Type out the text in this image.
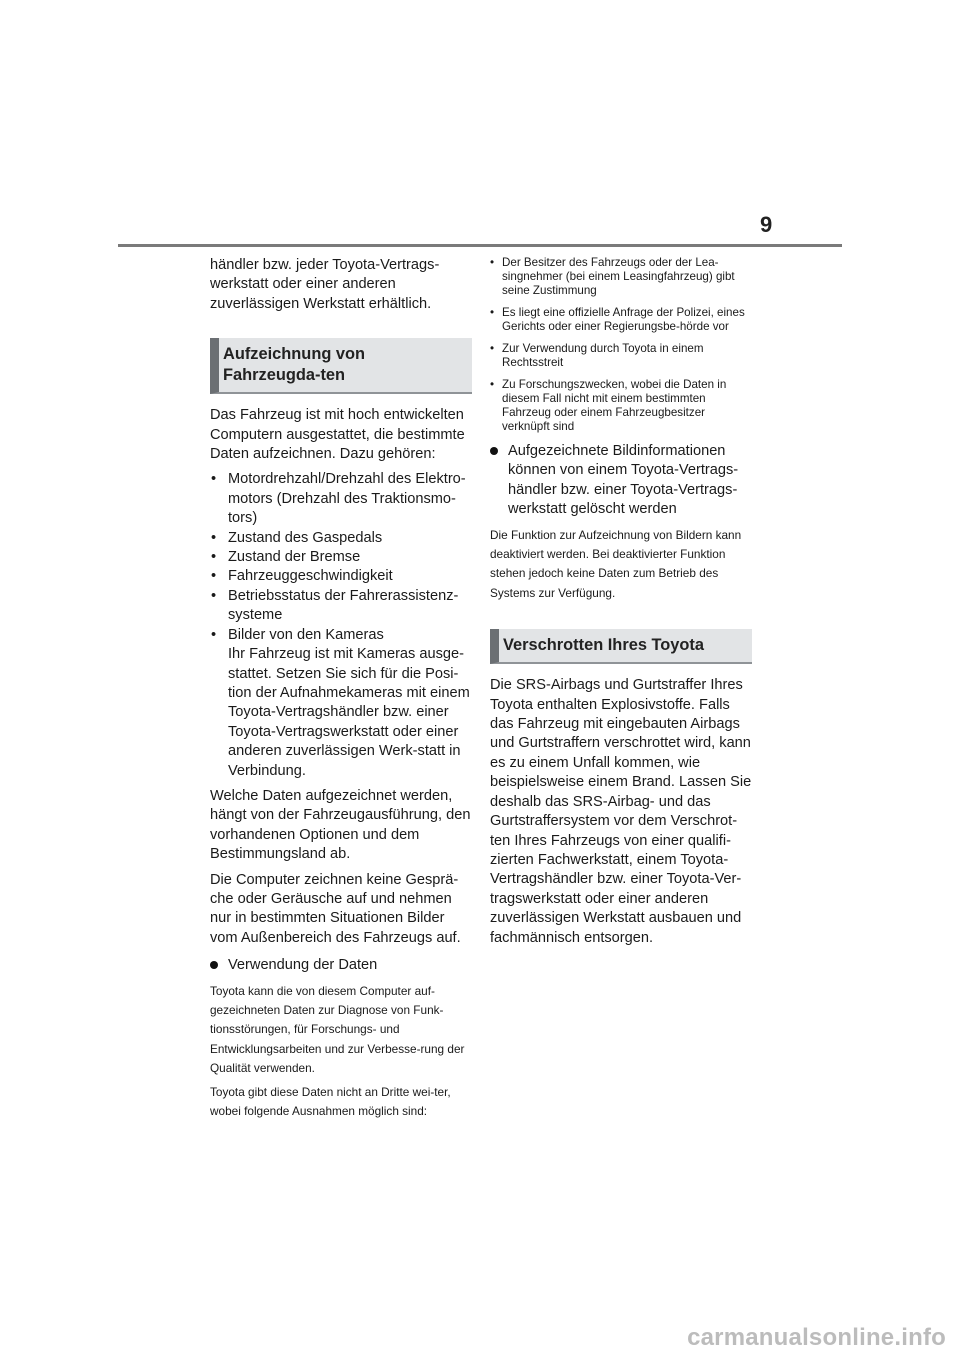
9

händler bzw. jeder Toyota-Vertrags-werkstatt oder einer anderen zuverlässigen Werkstatt erhältlich.

Aufzeichnung von Fahrzeugda-ten

Das Fahrzeug ist mit hoch entwickelten Computern ausgestattet, die bestimmte Daten aufzeichnen. Dazu gehören:

• Motordrehzahl/Drehzahl des Elektro-motors (Drehzahl des Traktionsmo-tors)
• Zustand des Gaspedals
• Zustand der Bremse
• Fahrzeuggeschwindigkeit
• Betriebsstatus der Fahrerassistenz-systeme
• Bilder von den Kameras
Ihr Fahrzeug ist mit Kameras ausge-stattet. Setzen Sie sich für die Posi-tion der Aufnahmekameras mit einem Toyota-Vertragshändler bzw. einer Toyota-Vertragswerkstatt oder einer anderen zuverlässigen Werk-statt in Verbindung.

Welche Daten aufgezeichnet werden, hängt von der Fahrzeugausführung, den vorhandenen Optionen und dem Bestimmungsland ab.

Die Computer zeichnen keine Gesprä-che oder Geräusche auf und nehmen nur in bestimmten Situationen Bilder vom Außenbereich des Fahrzeugs auf.

Verwendung der Daten

Toyota kann die von diesem Computer auf-gezeichneten Daten zur Diagnose von Funk-tionsstörungen, für Forschungs- und Entwicklungsarbeiten und zur Verbesse-rung der Qualität verwenden.

Toyota gibt diese Daten nicht an Dritte wei-ter, wobei folgende Ausnahmen möglich sind:

• Der Besitzer des Fahrzeugs oder der Lea-singnehmer (bei einem Leasingfahrzeug) gibt seine Zustimmung
• Es liegt eine offizielle Anfrage der Polizei, eines Gerichts oder einer Regierungsbe-hörde vor
• Zur Verwendung durch Toyota in einem Rechtsstreit
• Zu Forschungszwecken, wobei die Daten in diesem Fall nicht mit einem bestimmten Fahrzeug oder einem Fahrzeugbesitzer verknüpft sind
Aufgezeichnete Bildinformationen können von einem Toyota-Vertrags-händler bzw. einer Toyota-Vertrags-werkstatt gelöscht werden

Die Funktion zur Aufzeichnung von Bildern kann deaktiviert werden. Bei deaktivierter Funktion stehen jedoch keine Daten zum Betrieb des Systems zur Verfügung.

Verschrotten Ihres Toyota

Die SRS-Airbags und Gurtstraffer Ihres Toyota enthalten Explosivstoffe. Falls das Fahrzeug mit eingebauten Airbags und Gurtstraffern verschrottet wird, kann es zu einem Unfall kommen, wie beispielsweise einem Brand. Lassen Sie deshalb das SRS-Airbag- und das Gurtstraffersystem vor dem Verschrot-ten Ihres Fahrzeugs von einer qualifi-zierten Fachwerkstatt, einem Toyota-Vertragshändler bzw. einer Toyota-Ver-tragswerkstatt oder einer anderen zuverlässigen Werkstatt ausbauen und fachmännisch entsorgen.

carmanualsonline.info
